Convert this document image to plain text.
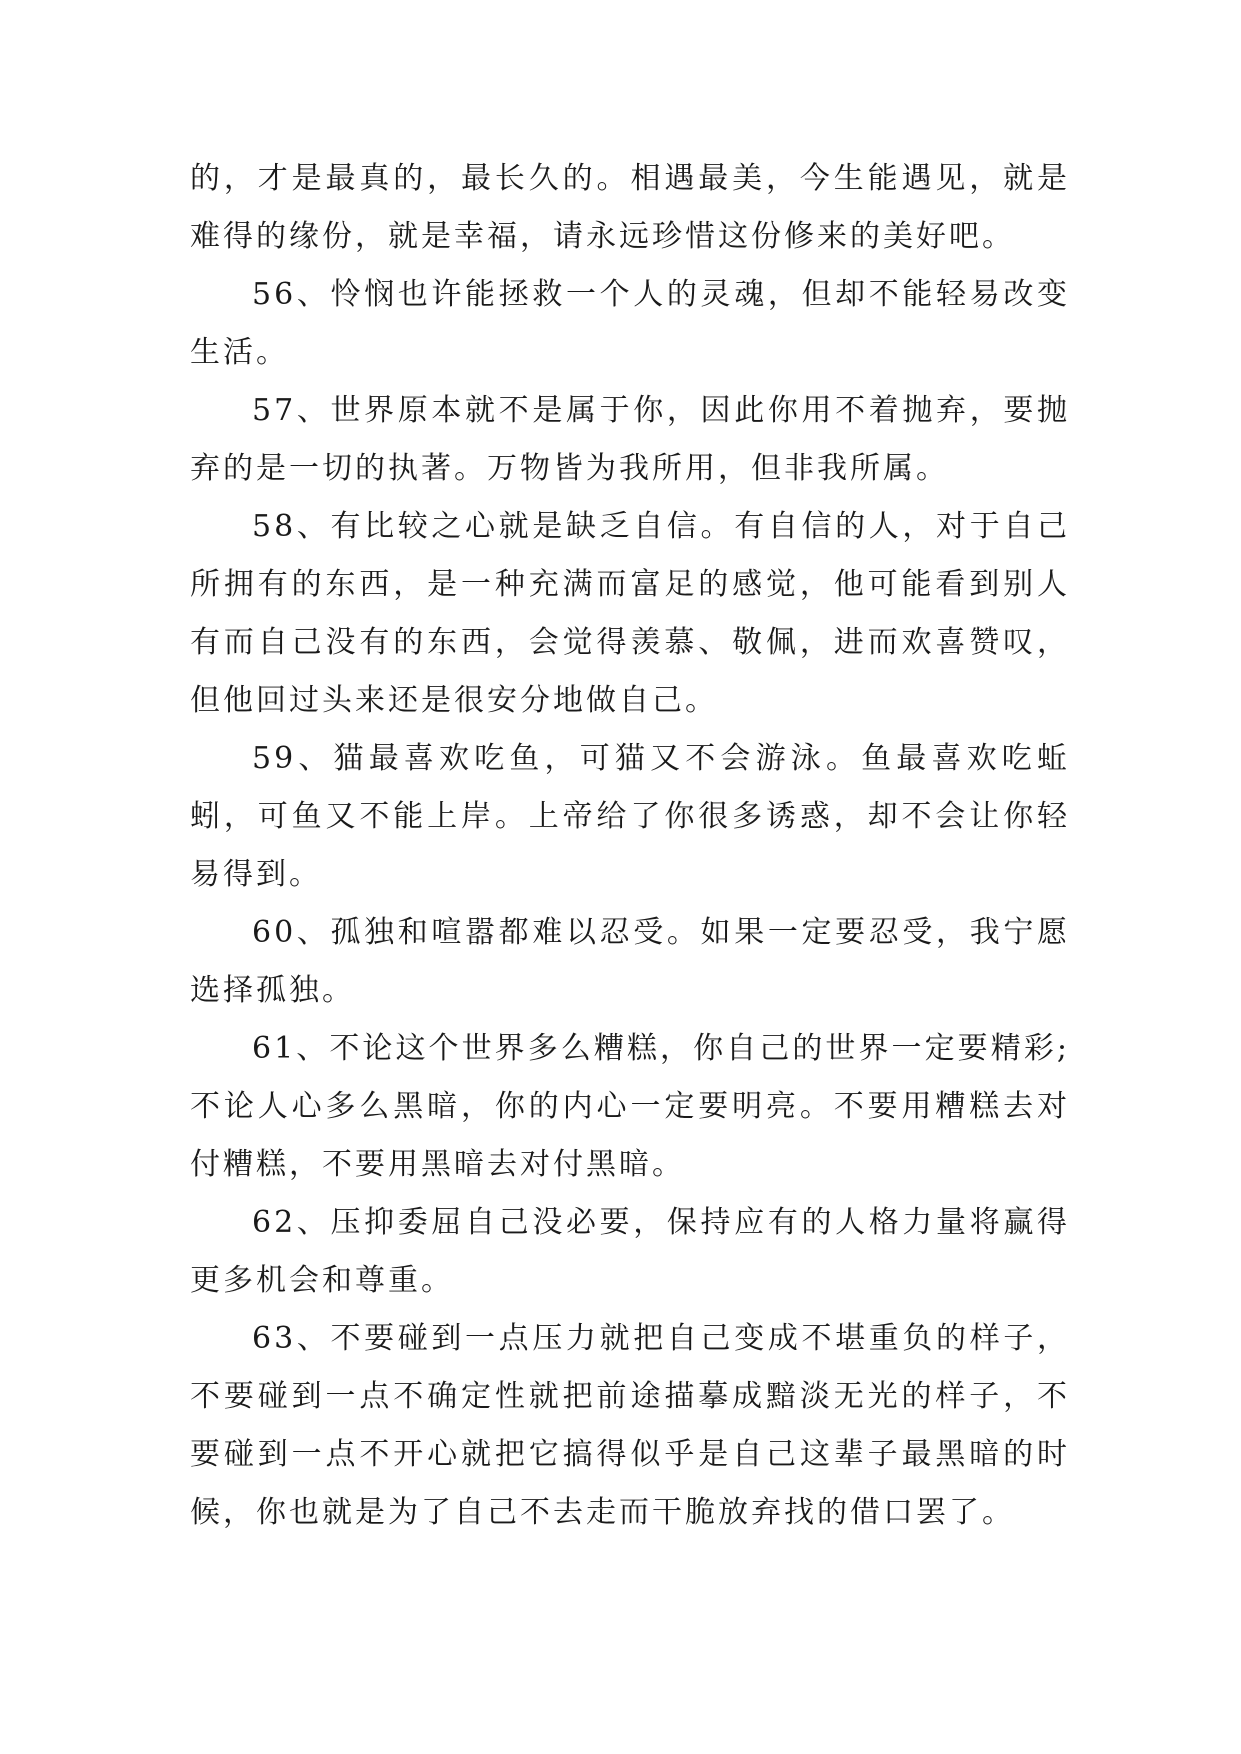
的，才是最真的，最长久的。相遇最美，今生能遇见，就是难得的缘份，就是幸福，请永远珍惜这份修来的美好吧。

56、怜悯也许能拯救一个人的灵魂，但却不能轻易改变生活。

57、世界原本就不是属于你，因此你用不着抛弃，要抛弃的是一切的执著。万物皆为我所用，但非我所属。

58、有比较之心就是缺乏自信。有自信的人，对于自己所拥有的东西，是一种充满而富足的感觉，他可能看到别人有而自己没有的东西，会觉得羡慕、敬佩，进而欢喜赞叹，但他回过头来还是很安分地做自己。

59、猫最喜欢吃鱼，可猫又不会游泳。鱼最喜欢吃蚯蚓，可鱼又不能上岸。上帝给了你很多诱惑，却不会让你轻易得到。

60、孤独和喧嚣都难以忍受。如果一定要忍受，我宁愿选择孤独。

61、不论这个世界多么糟糕，你自己的世界一定要精彩;不论人心多么黑暗，你的内心一定要明亮。不要用糟糕去对付糟糕，不要用黑暗去对付黑暗。

62、压抑委屈自己没必要，保持应有的人格力量将赢得更多机会和尊重。

63、不要碰到一点压力就把自己变成不堪重负的样子，不要碰到一点不确定性就把前途描摹成黯淡无光的样子，不要碰到一点不开心就把它搞得似乎是自己这辈子最黑暗的时候，你也就是为了自己不去走而干脆放弃找的借口罢了。
